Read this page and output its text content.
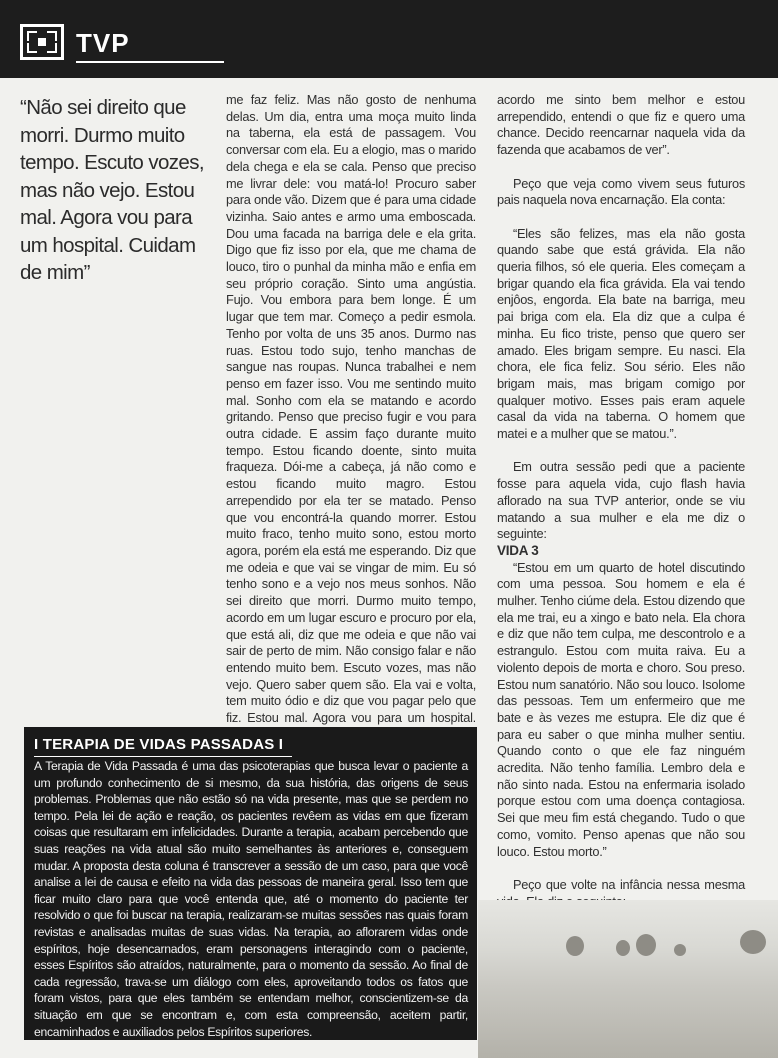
TVP
“Não sei direito que morri. Durmo muito tempo. Escuto vozes, mas não vejo. Estou mal. Agora vou para um hospital. Cuidam de mim”

me faz feliz. Mas não gosto de nenhuma delas. Um dia, entra uma moça muito linda na taberna, ela está de passagem. Vou conversar com ela. Eu a elogio, mas o marido dela chega e ela se cala. Penso que preciso me livrar dele: vou matá-lo! Procuro saber para onde vão. Dizem que é para uma cidade vizinha. Saio antes e armo uma emboscada. Dou uma facada na barriga dele e ela grita. Digo que fiz isso por ela, que me chama de louco, tiro o punhal da minha mão e enfia em seu próprio coração. Sinto uma angústia. Fujo. Vou embora para bem longe. É um lugar que tem mar. Começo a pedir esmola. Tenho por volta de uns 35 anos. Durmo nas ruas. Estou todo sujo, tenho manchas de sangue nas roupas. Nunca trabalhei e nem penso em fazer isso. Vou me sentindo muito mal. Sonho com ela se matando e acordo gritando. Penso que preciso fugir e vou para outra cidade. E assim faço durante muito tempo. Estou ficando doente, sinto muita fraqueza. Dói-me a cabeça, já não como e estou ficando muito magro. Estou arrependido por ela ter se matado. Penso que vou encontrá-la quando morrer. Estou muito fraco, tenho muito sono, estou morto agora, porém ela está me esperando. Diz que me odeia e que vai se vingar de mim. Eu só tenho sono e a vejo nos meus sonhos. Não sei direito que morri. Durmo muito tempo, acordo em um lugar escuro e procuro por ela, que está ali, diz que me odeia e que não vai sair de perto de mim. Não consigo falar e não entendo muito bem. Escuto vozes, mas não vejo. Quero saber quem são. Ela vai e volta, tem muito ódio e diz que vou pagar pelo que fiz. Estou mal. Agora vou para um hospital.

acordo me sinto bem melhor e estou arrependido, entendi o que fiz e quero uma chance. Decido reencarnar naquela vida da fazenda que acabamos de ver”.

Peço que veja como vivem seus futuros pais naquela nova encarnação. Ela conta:

“Eles são felizes, mas ela não gosta quando sabe que está grávida. Ela não queria filhos, só ele queria. Eles começam a brigar quando ela fica grávida. Ela vai tendo enjôos, engorda. Ela bate na barriga, meu pai briga com ela. Ela diz que a culpa é minha. Eu fico triste, penso que quero ser amado. Eles brigam sempre. Eu nasci. Ela chora, ele fica feliz. Sou sério. Eles não brigam mais, mas brigam comigo por qualquer motivo. Esses pais eram aquele casal da vida na taberna. O homem que matei e a mulher que se matou.”.

Em outra sessão pedi que a paciente fosse para aquela vida, cujo flash havia aflorado na sua TVP anterior, onde se viu matando a sua mulher e ela me diz o seguinte:

VIDA 3

“Estou em um quarto de hotel discutindo com uma pessoa. Sou homem e ela é mulher. Tenho ciúme dela. Estou dizendo que ela me trai, eu a xingo e bato nela. Ela chora e diz que não tem culpa, me descontrolo e a estrangulo. Estou com muita raiva. Eu a violento depois de morta e choro. Sou preso. Estou num sanatório. Não sou louco. Isolome das pessoas. Tem um enfermeiro que me bate e às vezes me estupra. Ele diz que é para eu saber o que minha mulher sentiu. Quando conto o que ele faz ninguém acredita. Não tenho família. Lembro dela e não sinto nada. Estou na enfermaria isolado porque estou com uma doença contagiosa. Sei que meu fim está chegando. Tudo o que como, vomito. Penso apenas que não sou louco. Estou morto.”

Peço que volte na infância nessa mesma

I TERAPIA DE VIDAS PASSADAS I

A Terapia de Vida Passada é uma das psicoterapias que busca levar o paciente a um profundo conhecimento de si mesmo, da sua história, das origens de seus problemas. Problemas que não estão só na vida presente, mas que se perdem no tempo. Pela lei de ação e reação, os pacientes revêem as vidas em que fizeram coisas que resultaram em infelicidades. Durante a terapia, acabam percebendo que suas reações na vida atual são muito semelhantes às anteriores e, conseguem mudar. A proposta desta coluna é transcrever a sessão de um caso, para que você analise a lei de causa e efeito na vida das pessoas de maneira geral. Isso tem que ficar muito claro para que você entenda que, até o momento do paciente ter resolvido o que foi buscar na terapia, realizaram-se muitas sessões nas quais foram revistas e analisadas muitas de suas vidas. Na terapia, ao aflorarem vidas onde espíritos, hoje desencarnados, eram personagens interagindo com o paciente, esses Espíritos são atraídos, naturalmente, para o momento da sessão. Ao final de cada regressão, trava-se um diálogo com eles, aproveitando todos os fatos que foram vistos, para que eles também se entendam melhor, conscientizem-se da situação em que se encontram e, com esta compreensão, aceitem partir, encaminhados e auxiliados pelos Espíritos superiores.
